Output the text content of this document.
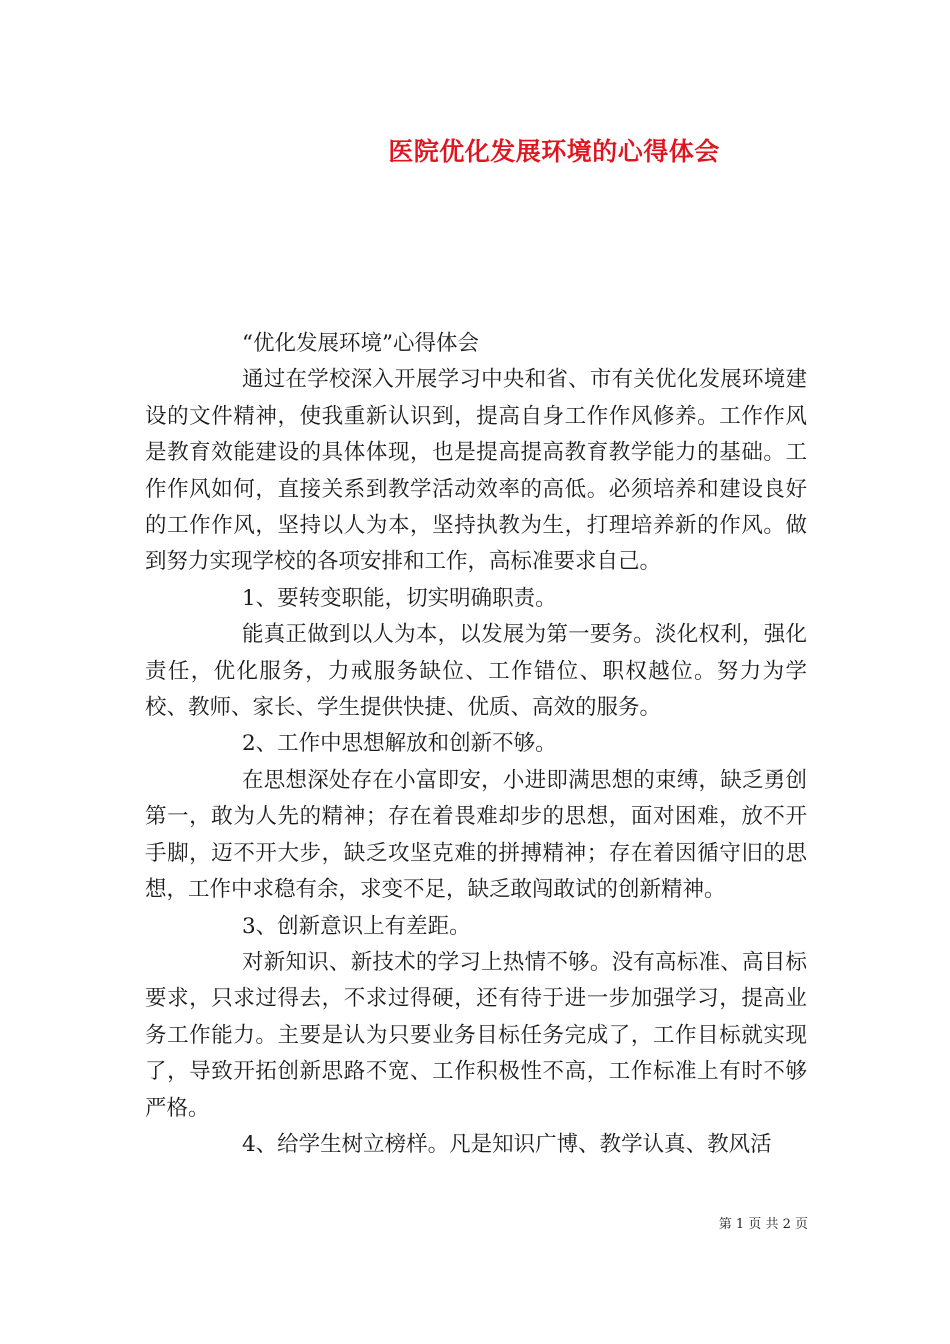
医院优化发展环境的心得体会

“优化发展环境”心得体会

通过在学校深入开展学习中央和省、市有关优化发展环境建设的文件精神，使我重新认识到，提高自身工作作风修养。工作作风是教育效能建设的具体体现，也是提高提高教育教学能力的基础。工作作风如何，直接关系到教学活动效率的高低。必须培养和建设良好的工作作风，坚持以人为本，坚持执教为生，打理培养新的作风。做到努力实现学校的各项安排和工作，高标准要求自己。

1、要转变职能，切实明确职责。

能真正做到以人为本，以发展为第一要务。淡化权利，强化责任，优化服务，力戒服务缺位、工作错位、职权越位。努力为学校、教师、家长、学生提供快捷、优质、高效的服务。

2、工作中思想解放和创新不够。

在思想深处存在小富即安，小进即满思想的束缚，缺乏勇创第一，敢为人先的精神；存在着畏难却步的思想，面对困难，放不开手脚，迈不开大步，缺乏攻坚克难的拼搏精神；存在着因循守旧的思想，工作中求稳有余，求变不足，缺乏敢闯敢试的创新精神。

3、创新意识上有差距。

对新知识、新技术的学习上热情不够。没有高标准、高目标要求，只求过得去，不求过得硬，还有待于进一步加强学习，提高业务工作能力。主要是认为只要业务目标任务完成了，工作目标就实现了，导致开拓创新思路不宽、工作积极性不高，工作标准上有时不够严格。

4、给学生树立榜样。凡是知识广博、教学认真、教风活

第 1 页 共 2 页
